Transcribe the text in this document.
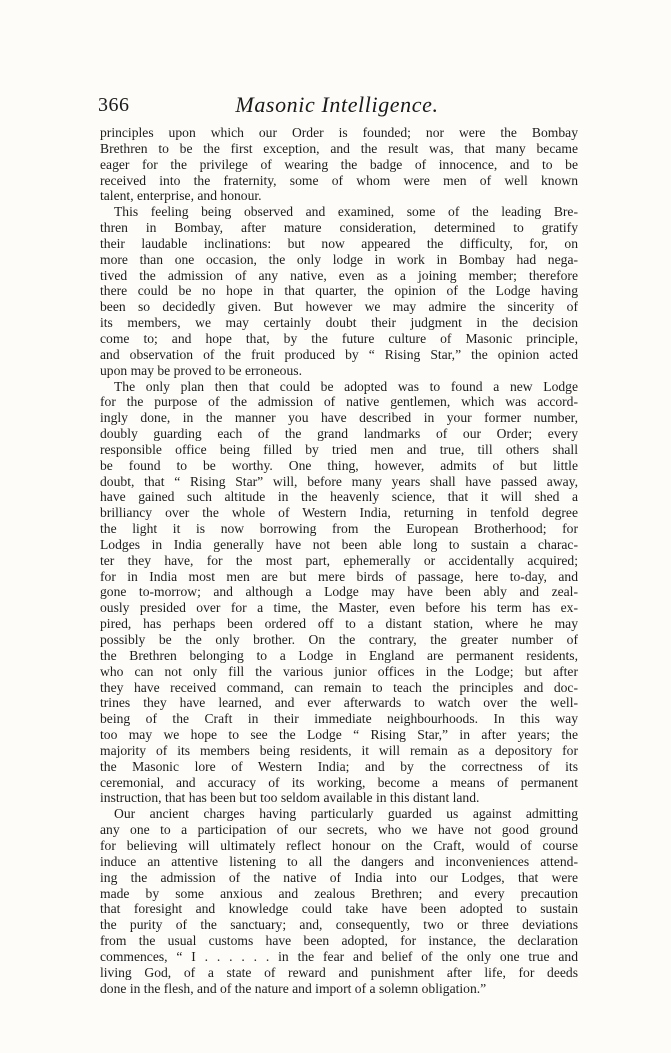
366	Masonic Intelligence.
principles upon which our Order is founded; nor were the Bombay
Brethren to be the first exception, and the result was, that many became
eager for the privilege of wearing the badge of innocence, and to be
received into the fraternity, some of whom were men of well known
talent, enterprise, and honour.
This feeling being observed and examined, some of the leading Bre-
thren in Bombay, after mature consideration, determined to gratify
their laudable inclinations: but now appeared the difficulty, for, on
more than one occasion, the only lodge in work in Bombay had nega-
tived the admission of any native, even as a joining member; therefore
there could be no hope in that quarter, the opinion of the Lodge having
been so decidedly given. But however we may admire the sincerity of
its members, we may certainly doubt their judgment in the decision
come to; and hope that, by the future culture of Masonic principle,
and observation of the fruit produced by “ Rising Star,” the opinion acted
upon may be proved to be erroneous.
The only plan then that could be adopted was to found a new Lodge
for the purpose of the admission of native gentlemen, which was accord-
ingly done, in the manner you have described in your former number,
doubly guarding each of the grand landmarks of our Order; every
responsible office being filled by tried men and true, till others shall
be found to be worthy. One thing, however, admits of but little
doubt, that “ Rising Star” will, before many years shall have passed away,
have gained such altitude in the heavenly science, that it will shed a
brilliancy over the whole of Western India, returning in tenfold degree
the light it is now borrowing from the European Brotherhood; for
Lodges in India generally have not been able long to sustain a charac-
ter they have, for the most part, ephemerally or accidentally acquired;
for in India most men are but mere birds of passage, here to-day, and
gone to-morrow; and although a Lodge may have been ably and zeal-
ously presided over for a time, the Master, even before his term has ex-
pired, has perhaps been ordered off to a distant station, where he may
possibly be the only brother. On the contrary, the greater number of
the Brethren belonging to a Lodge in England are permanent residents,
who can not only fill the various junior offices in the Lodge; but after
they have received command, can remain to teach the principles and doc-
trines they have learned, and ever afterwards to watch over the well-
being of the Craft in their immediate neighbourhoods. In this way
too may we hope to see the Lodge “ Rising Star,” in after years; the
majority of its members being residents, it will remain as a depository for
the Masonic lore of Western India; and by the correctness of its
ceremonial, and accuracy of its working, become a means of permanent
instruction, that has been but too seldom available in this distant land.
Our ancient charges having particularly guarded us against admitting
any one to a participation of our secrets, who we have not good ground
for believing will ultimately reflect honour on the Craft, would of course
induce an attentive listening to all the dangers and inconveniences attend-
ing the admission of the native of India into our Lodges, that were
made by some anxious and zealous Brethren; and every precaution
that foresight and knowledge could take have been adopted to sustain
the purity of the sanctuary; and, consequently, two or three deviations
from the usual customs have been adopted, for instance, the declaration
commences, “ I . . . . . . in the fear and belief of the only one true and
living God, of a state of reward and punishment after life, for deeds
done in the flesh, and of the nature and import of a solemn obligation.”
